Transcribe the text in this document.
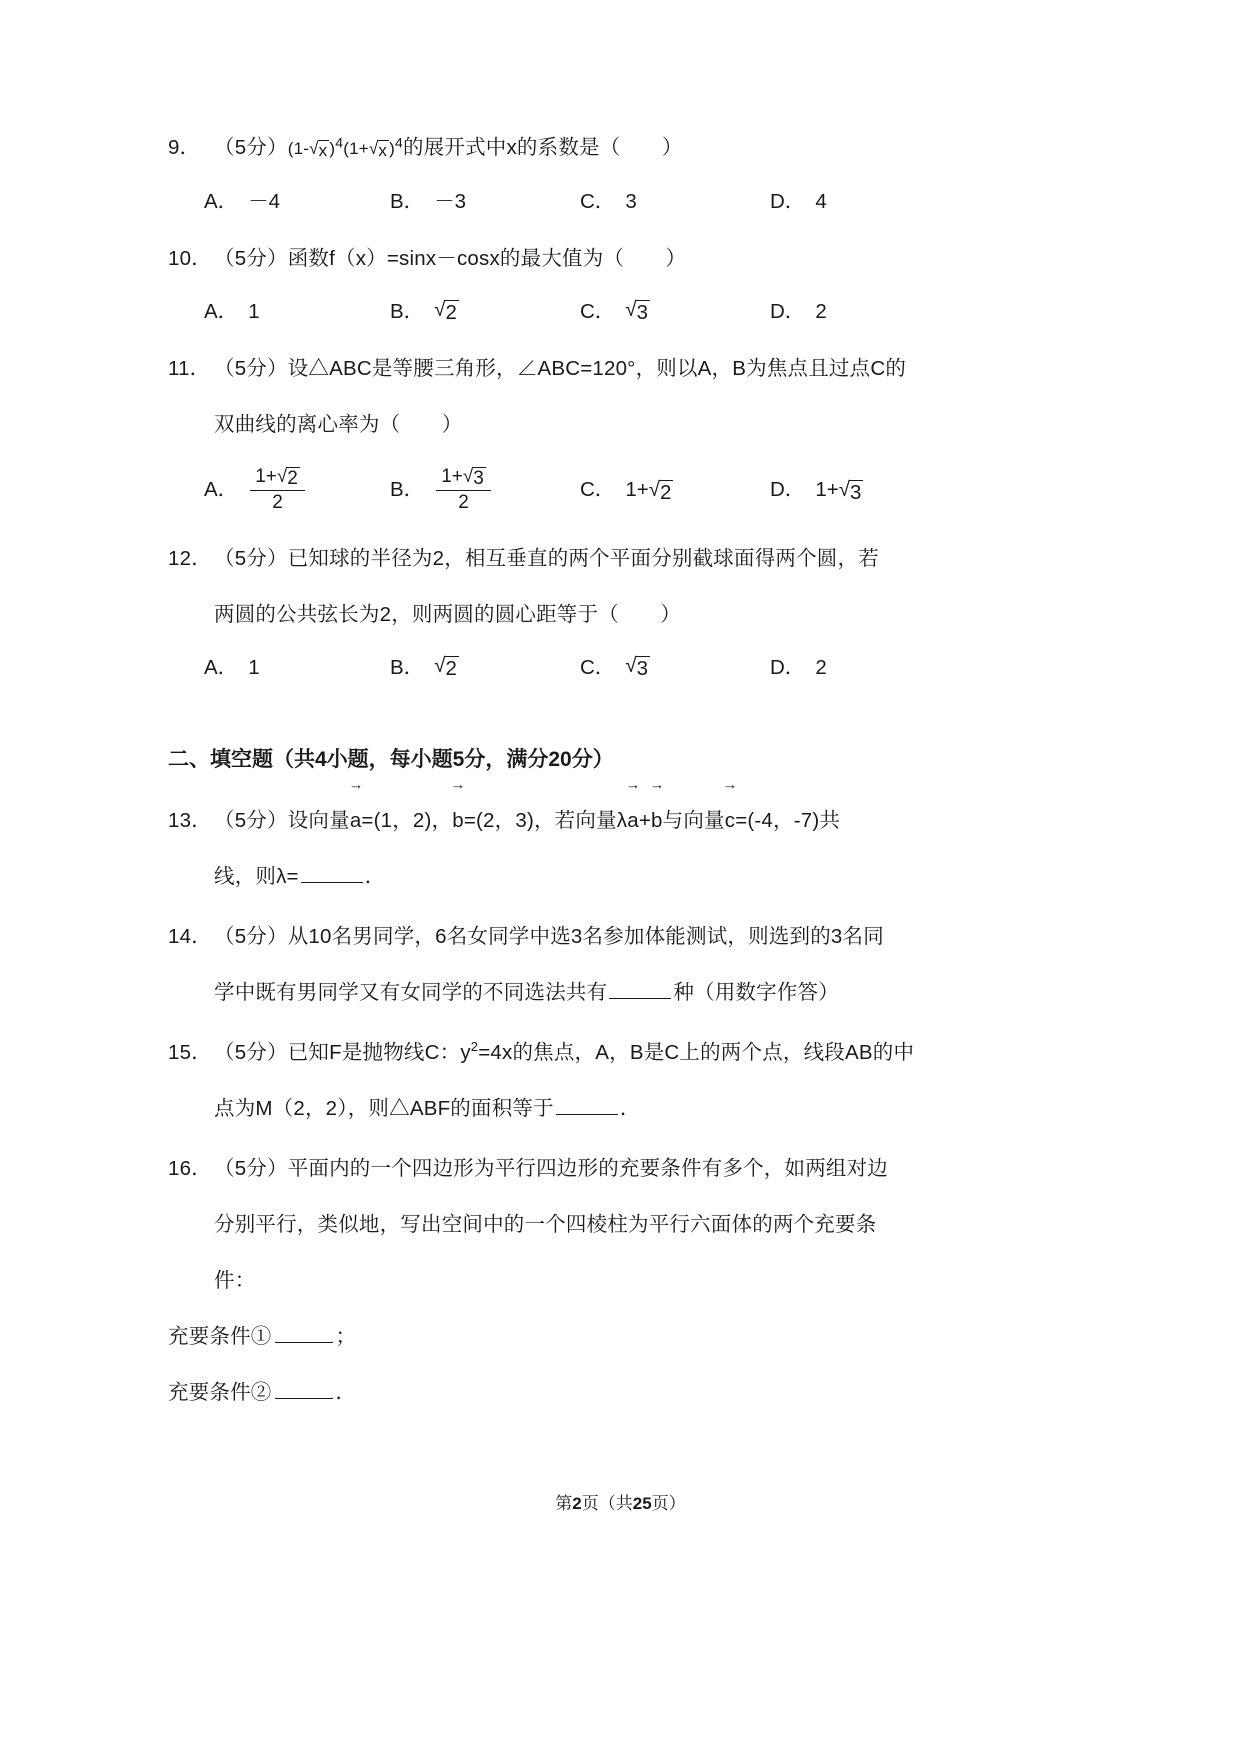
9． （5分）(1- √ x )$^4$(1+ √ x )$^4$的展开式中x的系数是（　　）
A． －4	B． －3	C． 3	D． 4
10． （5分）函数f（x）=sinx－cosx的最大值为（　　）
A． 1	B． √ 2	C． √ 3	D． 2
11． （5分）设△ABC是等腰三角形，∠ABC=120°，则以A，B为焦点且过点C的
双曲线的离心率为（　　）
A． $\frac{1+ √ 2}{2}$	B． $\frac{1+ √ 3}{2}$	C． 1+ √ 2	D． 1+ √ 3
12． （5分）已知球的半径为2，相互垂直的两个平面分别截球面得两个圆，若
两圆的公共弦长为2，则两圆的圆心距等于（　　）
A． 1	B． √ 2	C． √ 3	D． 2
二、填空题（共4小题，每小题5分，满分20分）
13． （5分）设向量→ a=(1，2)，→ b=(2，3)，若向量λ→ a+→ b与向量→ c=(-4，-7)共
线，则λ=	．
14． （5分）从10名男同学，6名女同学中选3名参加体能测试，则选到的3名同
学中既有男同学又有女同学的不同选法共有	种（用数字作答）
15． （5分）已知F是抛物线C：$y^2=4x$的焦点，A，B是C上的两个点，线段AB的中
点为M（2，2），则△ABF的面积等于	．
16． （5分）平面内的一个四边形为平行四边形的充要条件有多个，如两组对边
分别平行，类似地，写出空间中的一个四棱柱为平行六面体的两个充要条
件：
充要条件①	；
充要条件②	．
第2页（共25页）
